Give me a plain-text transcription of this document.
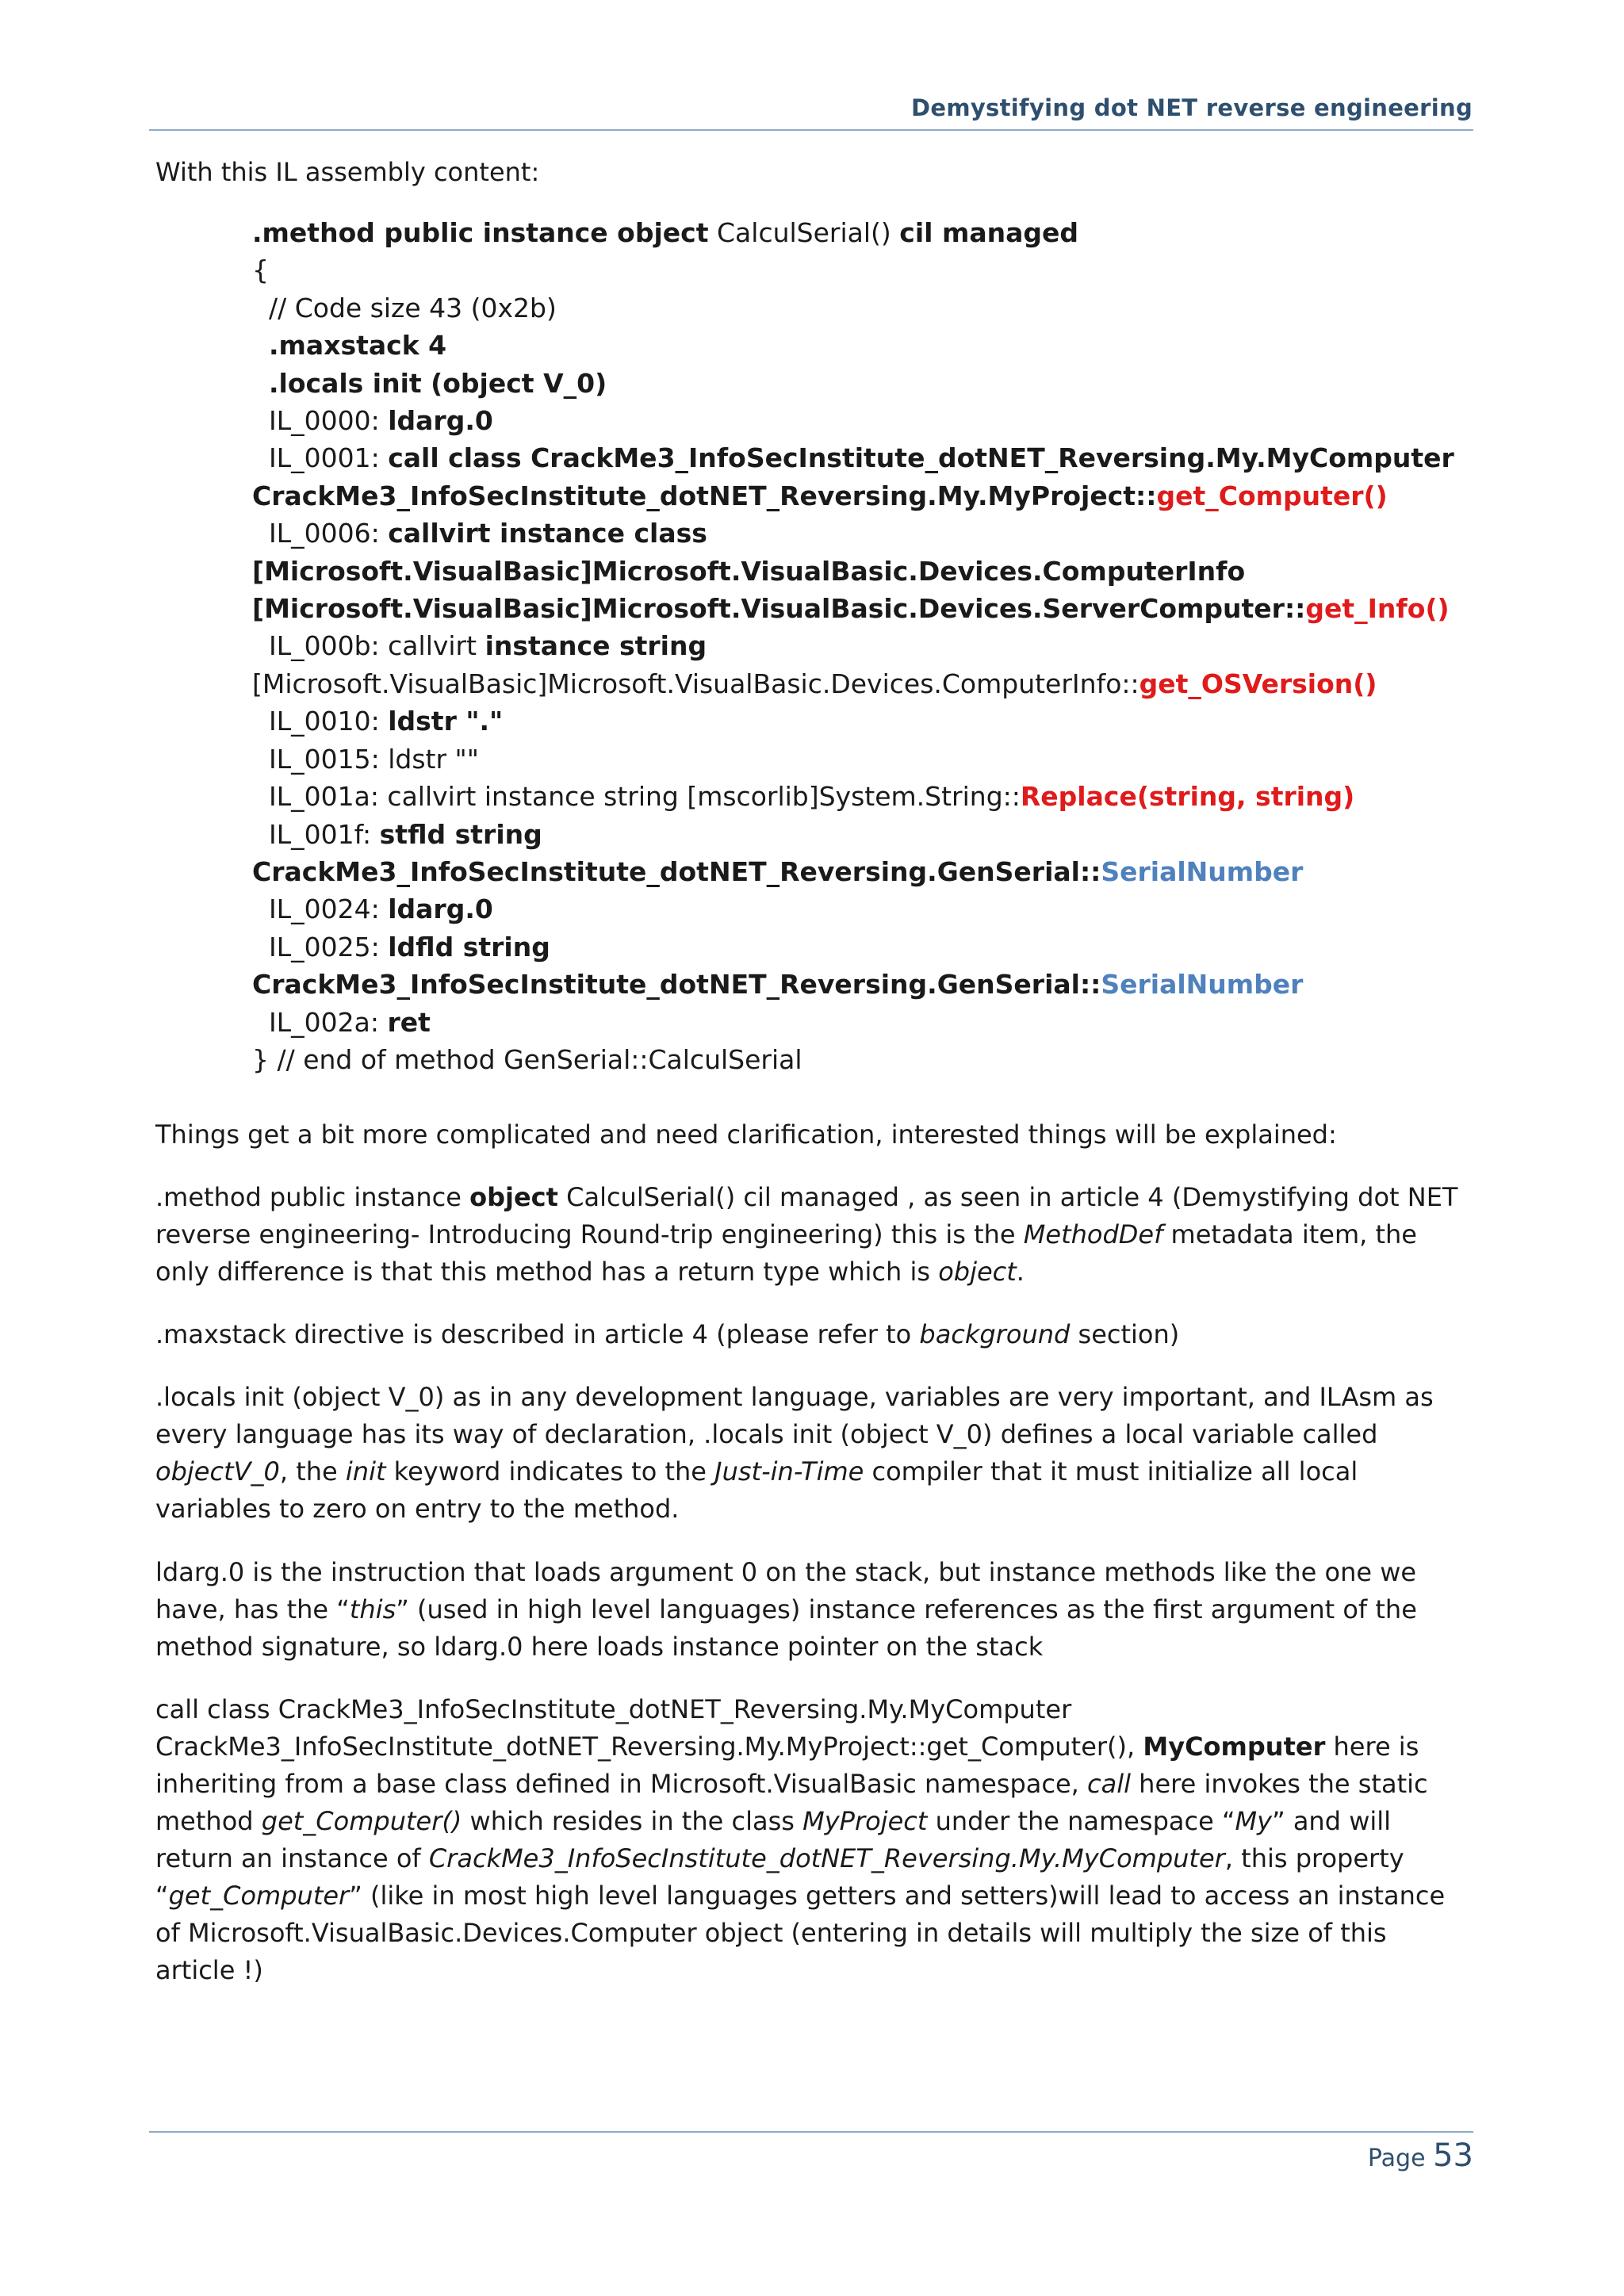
Demystifying dot NET reverse engineering
With this IL assembly content:
.method public instance object CalculSerial() cil managed
{
// Code size 43 (0x2b)
.maxstack 4
.locals init (object V_0)
IL_0000: ldarg.0
IL_0001: call class CrackMe3_InfoSecInstitute_dotNET_Reversing.My.MyComputer
CrackMe3_InfoSecInstitute_dotNET_Reversing.My.MyProject::get_Computer()
IL_0006: callvirt instance class
[Microsoft.VisualBasic]Microsoft.VisualBasic.Devices.ComputerInfo
[Microsoft.VisualBasic]Microsoft.VisualBasic.Devices.ServerComputer::get_Info()
IL_000b: callvirt instance string
[Microsoft.VisualBasic]Microsoft.VisualBasic.Devices.ComputerInfo::get_OSVersion()
IL_0010: ldstr "."
IL_0015: ldstr ""
IL_001a: callvirt instance string [mscorlib]System.String::Replace(string, string)
IL_001f: stfld string
CrackMe3_InfoSecInstitute_dotNET_Reversing.GenSerial::SerialNumber
IL_0024: ldarg.0
IL_0025: ldfld string
CrackMe3_InfoSecInstitute_dotNET_Reversing.GenSerial::SerialNumber
IL_002a: ret
} // end of method GenSerial::CalculSerial

Things get a bit more complicated and need clarification, interested things will be explained:

.method public instance object CalculSerial() cil managed , as seen in article 4 (Demystifying dot NET reverse engineering- Introducing Round-trip engineering) this is the MethodDef metadata item, the only difference is that this method has a return type which is object.

.maxstack directive is described in article 4 (please refer to background section)

.locals init (object V_0) as in any development language, variables are very important, and ILAsm as every language has its way of declaration, .locals init (object V_0) defines a local variable called objectV_0, the init keyword indicates to the Just-in-Time compiler that it must initialize all local variables to zero on entry to the method.

ldarg.0 is the instruction that loads argument 0 on the stack, but instance methods like the one we have, has the “this” (used in high level languages) instance references as the first argument of the method signature, so ldarg.0 here loads instance pointer on the stack

call class CrackMe3_InfoSecInstitute_dotNET_Reversing.My.MyComputer CrackMe3_InfoSecInstitute_dotNET_Reversing.My.MyProject::get_Computer(), MyComputer here is inheriting from a base class defined in Microsoft.VisualBasic namespace, call here invokes the static method get_Computer() which resides in the class MyProject under the namespace “My” and will return an instance of CrackMe3_InfoSecInstitute_dotNET_Reversing.My.MyComputer, this property “get_Computer” (like in most high level languages getters and setters)will lead to access an instance of Microsoft.VisualBasic.Devices.Computer object (entering in details will multiply the size of this article !)

Page 53
